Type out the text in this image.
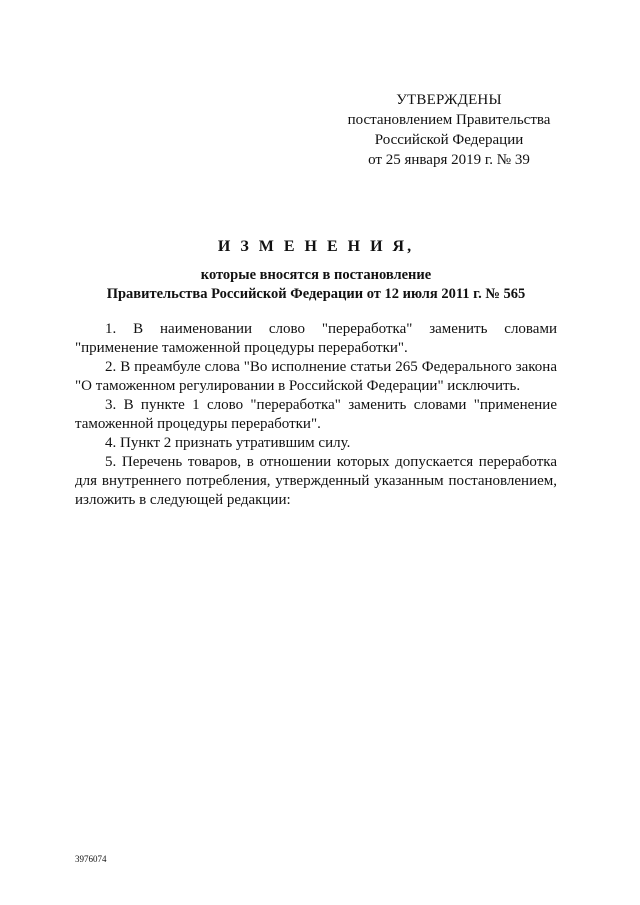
УТВЕРЖДЕНЫ
постановлением Правительства
Российской Федерации
от 25 января 2019 г. № 39
И З М Е Н Е Н И Я,
которые вносятся в постановление
Правительства Российской Федерации от 12 июля 2011 г. № 565

1. В наименовании слово "переработка" заменить словами "применение таможенной процедуры переработки".

2. В преамбуле слова "Во исполнение статьи 265 Федерального закона "О таможенном регулировании в Российской Федерации" исключить.

3. В пункте 1 слово "переработка" заменить словами "применение таможенной процедуры переработки".

4. Пункт 2 признать утратившим силу.

5. Перечень товаров, в отношении которых допускается переработка для внутреннего потребления, утвержденный указанным постановлением, изложить в следующей редакции:

3976074
